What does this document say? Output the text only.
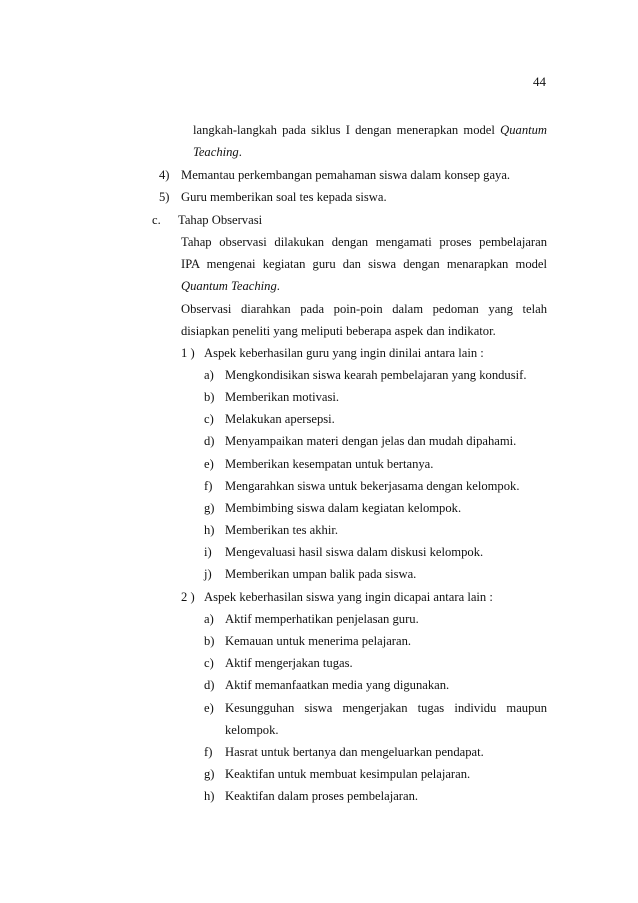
44
langkah-langkah pada siklus I dengan menerapkan model Quantum
Teaching.
4) Memantau perkembangan pemahaman siswa dalam konsep gaya.
5) Guru memberikan soal tes kepada siswa.
c. Tahap Observasi
Tahap observasi dilakukan dengan mengamati proses pembelajaran
IPA mengenai kegiatan guru dan siswa dengan menarapkan model
Quantum Teaching.
Observasi diarahkan pada poin-poin dalam pedoman yang telah
disiapkan peneliti yang meliputi beberapa aspek dan indikator.
1 ) Aspek keberhasilan guru yang ingin dinilai antara lain :
a) Mengkondisikan siswa kearah pembelajaran yang kondusif.
b) Memberikan motivasi.
c) Melakukan apersepsi.
d) Menyampaikan materi dengan jelas dan mudah dipahami.
e) Memberikan kesempatan untuk bertanya.
f) Mengarahkan siswa untuk bekerjasama dengan kelompok.
g) Membimbing siswa dalam kegiatan kelompok.
h) Memberikan tes akhir.
i) Mengevaluasi hasil siswa dalam diskusi kelompok.
j) Memberikan umpan balik pada siswa.
2 ) Aspek keberhasilan siswa yang ingin dicapai antara lain :
a) Aktif memperhatikan penjelasan guru.
b) Kemauan untuk menerima pelajaran.
c) Aktif mengerjakan tugas.
d) Aktif memanfaatkan media yang digunakan.
e) Kesungguhan siswa mengerjakan tugas individu maupun
kelompok.
f) Hasrat untuk bertanya dan mengeluarkan pendapat.
g) Keaktifan untuk membuat kesimpulan pelajaran.
h) Keaktifan dalam proses pembelajaran.
